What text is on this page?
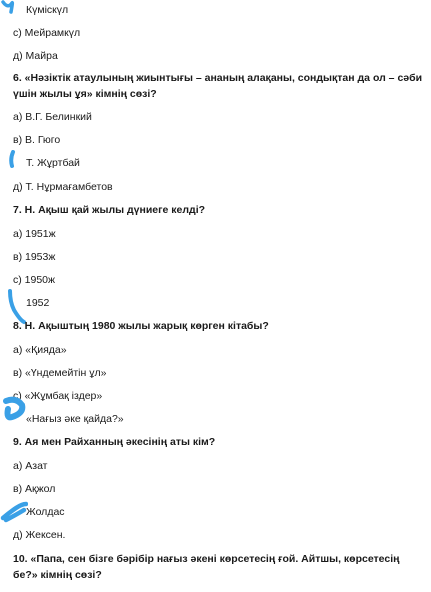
Күміскүл
с) Мейрамкүл
д) Майра
6. «Нәзіктік атаулының жиынтығы – ананың алақаны, сондықтан да ол – сәби үшін жылы ұя» кімнің сөзі?
а) В.Г. Белинкий
в) В. Гюго
Т. Жұртбай
д) Т. Нұрмағамбетов
7. Н. Ақыш қай жылы дүниеге келді?
а) 1951ж
в) 1953ж
с) 1950ж
1952
8. Н. Ақыштың 1980 жылы жарық көрген кітабы?
а) «Қияда»
в) «Үндемейтін ұл»
с) «Жұмбақ іздер»
«Нағыз әке қайда?»
9. Ая мен Райханның әкесінің аты кім?
а) Азат
в) Ақжол
Жолдас
д) Жексен.
10. «Папа, сен бізге бәрібір нағыз әкені көрсетесің ғой. Айтшы, көрсетесің бе?» кімнің сөзі?
